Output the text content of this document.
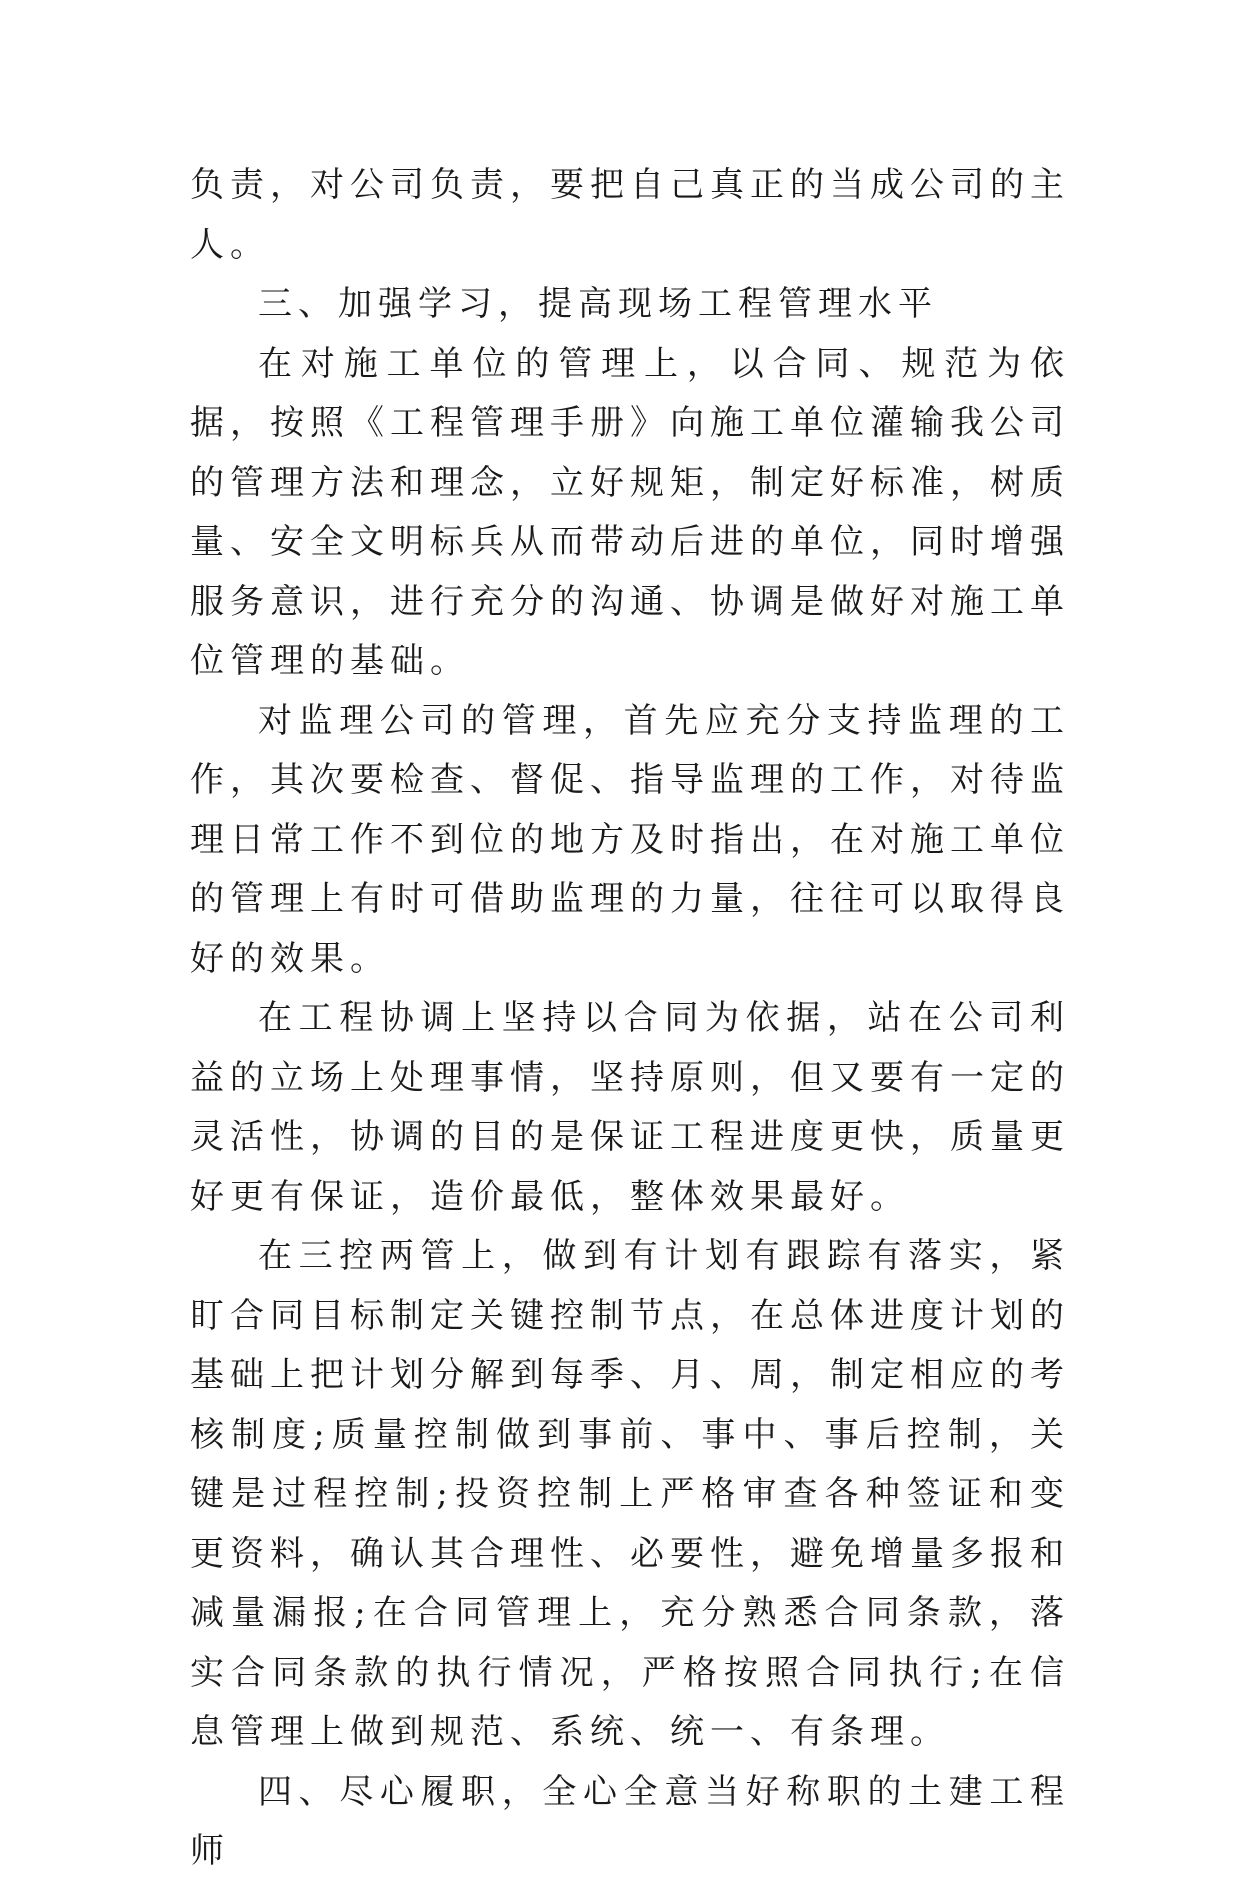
负责，对公司负责，要把自己真正的当成公司的主人。

三、加强学习，提高现场工程管理水平

在对施工单位的管理上，以合同、规范为依据，按照《工程管理手册》向施工单位灌输我公司的管理方法和理念，立好规矩，制定好标准，树质量、安全文明标兵从而带动后进的单位，同时增强服务意识，进行充分的沟通、协调是做好对施工单位管理的基础。

对监理公司的管理，首先应充分支持监理的工作，其次要检查、督促、指导监理的工作，对待监理日常工作不到位的地方及时指出，在对施工单位的管理上有时可借助监理的力量，往往可以取得良好的效果。

在工程协调上坚持以合同为依据，站在公司利益的立场上处理事情，坚持原则，但又要有一定的灵活性，协调的目的是保证工程进度更快，质量更好更有保证，造价最低，整体效果最好。

在三控两管上，做到有计划有跟踪有落实，紧盯合同目标制定关键控制节点，在总体进度计划的基础上把计划分解到每季、月、周，制定相应的考核制度;质量控制做到事前、事中、事后控制，关键是过程控制;投资控制上严格审查各种签证和变更资料，确认其合理性、必要性，避免增量多报和减量漏报;在合同管理上，充分熟悉合同条款，落实合同条款的执行情况，严格按照合同执行;在信息管理上做到规范、系统、统一、有条理。

四、尽心履职，全心全意当好称职的土建工程师
